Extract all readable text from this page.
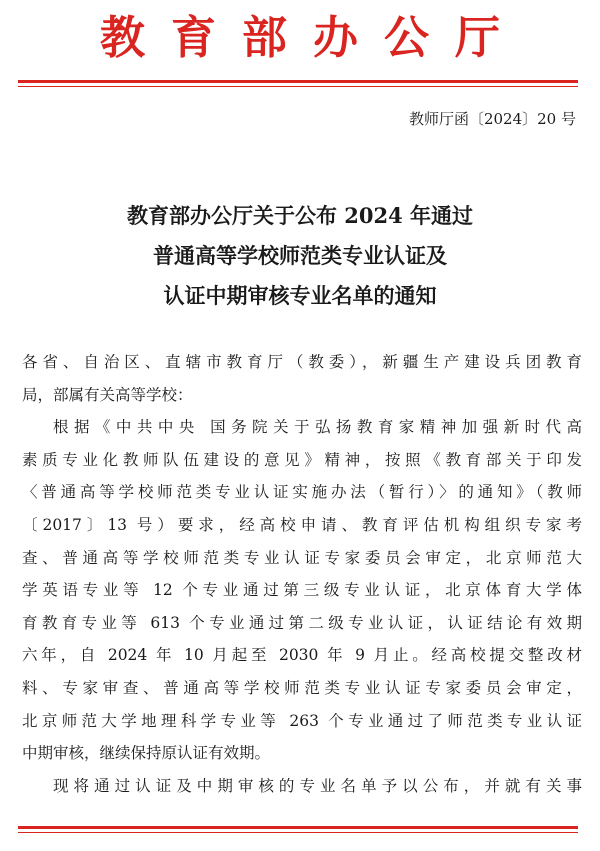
教育部办公厅
教师厅函〔2024〕20 号
教育部办公厅关于公布 2024 年通过
普通高等学校师范类专业认证及
认证中期审核专业名单的通知
各省、自治区、直辖市教育厅（教委），新疆生产建设兵团教育
局，部属有关高等学校：
根据《中共中央 国务院关于弘扬教育家精神加强新时代高
素质专业化教师队伍建设的意见》精神，按照《教育部关于印发
〈普通高等学校师范类专业认证实施办法（暂行）〉的通知》（教师
〔2017〕13 号）要求，经高校申请、教育评估机构组织专家考
查、普通高等学校师范类专业认证专家委员会审定，北京师范大
学英语专业等 12 个专业通过第三级专业认证，北京体育大学体
育教育专业等 613 个专业通过第二级专业认证，认证结论有效期
六年，自 2024 年 10 月起至 2030 年 9 月止。经高校提交整改材
料、专家审查、普通高等学校师范类专业认证专家委员会审定，
北京师范大学地理科学专业等 263 个专业通过了师范类专业认证
中期审核，继续保持原认证有效期。
现将通过认证及中期审核的专业名单予以公布，并就有关事
